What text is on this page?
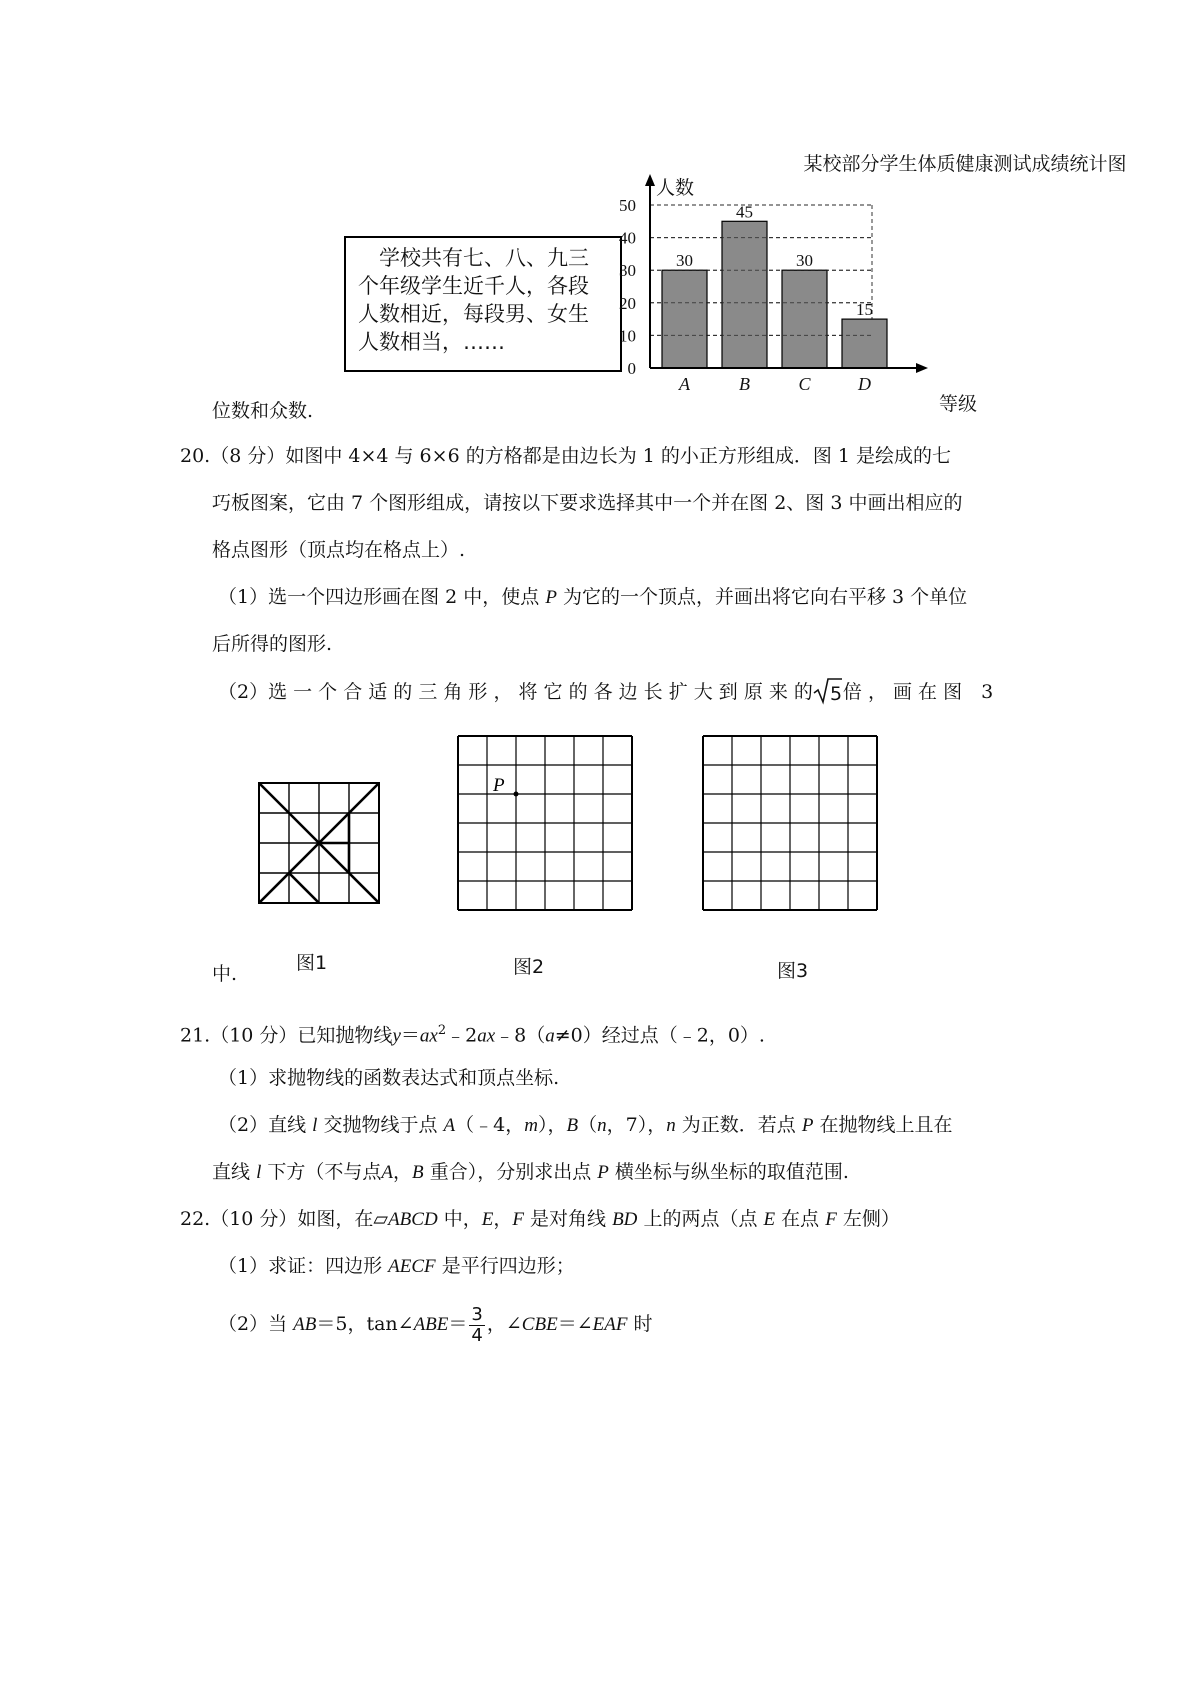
　学校共有七、八、九三

个年级学生近千人，各段

人数相近，每段男、女生

人数相当，……

某校部分学生体质健康测试成绩统计图
30
A
45
B
30
C
15
D
0
10
20
30
40
50
人数
等级
位数和众数.
20.（8 分）如图中 4×4 与 6×6 的方格都是由边长为 1 的小正方形组成．图 1 是绘成的七
巧板图案，它由 7 个图形组成，请按以下要求选择其中一个并在图 2、图 3 中画出相应的
格点图形（顶点均在格点上）.
（1）选一个四边形画在图 2 中，使点 P 为它的一个顶点，并画出将它向右平移 3 个单位
后所得的图形.
（2）选 一 个 合 适 的 三 角 形 ， 将 它 的 各 边 长 扩 大 到 原 来 的 5 倍 ， 画 在 图　3
P
图1	图2	图3
中.
21.（10 分）已知抛物线$y=ax^2﹣2ax﹣8(a\ne 0)$经过点（﹣2，0）.
（1）求抛物线的函数表达式和顶点坐标.
（2）直线 l 交抛物线于点 A（﹣4，m），B（n，7），n 为正数．若点 P 在抛物线上且在
直线 l 下方（不与点A，B 重合），分别求出点 P 横坐标与纵坐标的取值范围.
22.（10 分）如图，在▱ABCD 中，E，F 是对角线 BD 上的两点（点 E 在点 F 左侧）
（1）求证：四边形 AECF 是平行四边形；
（2）当 AB＝5，tan∠ABE＝ $\frac{3}{4}$ ，∠CBE＝∠EAF 时
